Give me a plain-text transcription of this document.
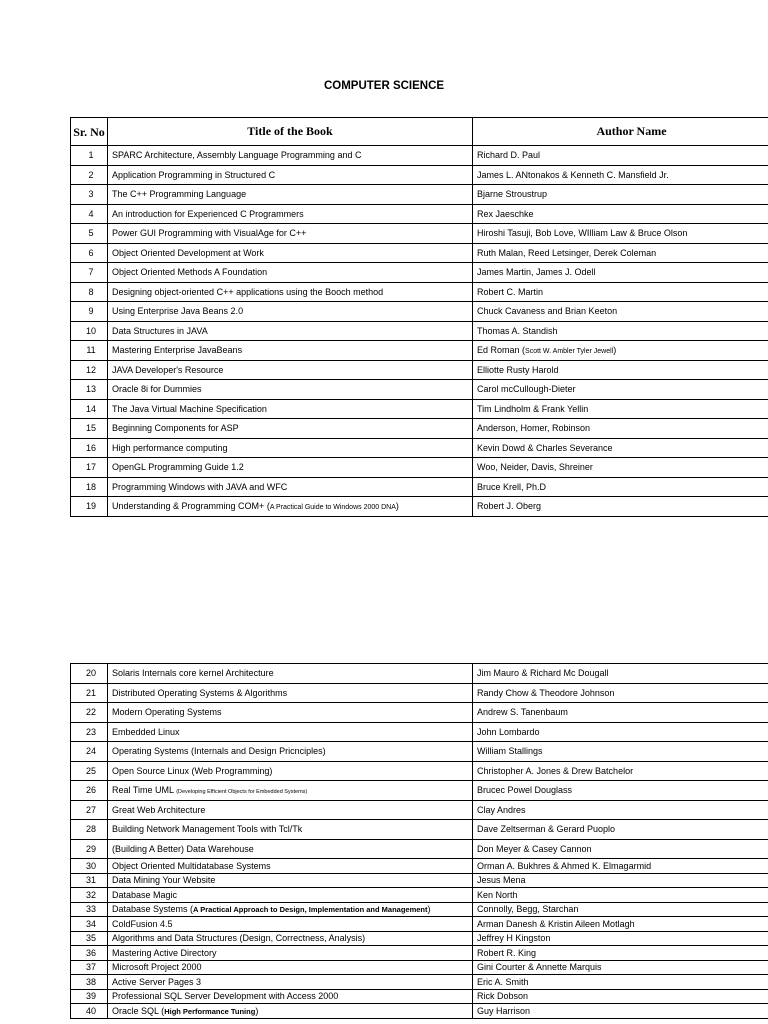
COMPUTER SCIENCE
Sr. No	Title of the Book	Author Name
1	SPARC Architecture, Assembly Language Programming and C	Richard D. Paul
2	Application Programming in Structured C	James L. ANtonakos & Kenneth C. Mansfield Jr.
3	The C++ Programming Language	Bjarne Stroustrup
4	An introduction for Experienced C Programmers	Rex Jaeschke
5	Power GUI Programming with VisualAge for C++	Hiroshi Tasuji, Bob Love, WIlliam Law & Bruce Olson
6	Object Oriented Development at Work	Ruth Malan, Reed Letsinger, Derek Coleman
7	Object Oriented Methods A Foundation	James Martin, James J. Odell
8	Designing object-oriented C++ applications using the Booch method	Robert C. Martin
9	Using Enterprise Java Beans 2.0	Chuck Cavaness and Brian Keeton
10	Data Structures in JAVA	Thomas A. Standish
11	Mastering Enterprise JavaBeans	Ed Roman (Scott W. Ambler Tyler Jewell)
12	JAVA Developer's Resource	Elliotte Rusty Harold
13	Oracle 8i for Dummies	Carol mcCullough-Dieter
14	The Java Virtual Machine Specification	Tim Lindholm & Frank Yellin
15	Beginning Components for ASP	Anderson, Homer, Robinson
16	High performance computing	Kevin Dowd & Charles Severance
17	OpenGL Programming Guide 1.2	Woo, Neider, Davis, Shreiner
18	Programming Windows with JAVA and WFC	Bruce Krell, Ph.D
19	Understanding & Programming COM+ (A Practical Guide to Windows 2000 DNA)	Robert J. Oberg
20	Solaris Internals core kernel Architecture	Jim Mauro & Richard Mc Dougall
21	Distributed Operating Systems & Algorithms	Randy Chow & Theodore Johnson
22	Modern Operating Systems	Andrew S. Tanenbaum
23	Embedded Linux	John Lombardo
24	Operating Systems (Internals and Design Pricnciples)	William Stallings
25	Open Source Linux (Web Programming)	Christopher A. Jones & Drew Batchelor
26	Real Time UML (Developing Efficient Objects for Embedded Systems)	Brucec Powel Douglass
27	Great Web Architecture	Clay Andres
28	Building Network Management Tools with Tcl/Tk	Dave Zeltserman & Gerard Puoplo
29	(Building A Better) Data Warehouse	Don Meyer & Casey Cannon
30	Object Oriented Multidatabase Systems	Orman A. Bukhres & Ahmed K. Elmagarmid
31	Data Mining Your Website	Jesus Mena
32	Database Magic	Ken North
33	Database Systems (A Practical Approach to Design, Implementation and Management)	Connolly, Begg, Starchan
34	ColdFusion 4.5	Arman Danesh & Kristin Aileen Motlagh
35	Algorithms and Data Structures (Design, Correctness, Analysis)	Jeffrey H Kingston
36	Mastering Active Directory	Robert R. King
37	Microsoft Project 2000	Gini Courter & Annette Marquis
38	Active Server Pages 3	Eric A. Smith
39	Professional SQL Server Development with Access 2000	Rick Dobson
40	Oracle SQL (High Performance Tuning)	Guy Harrison
